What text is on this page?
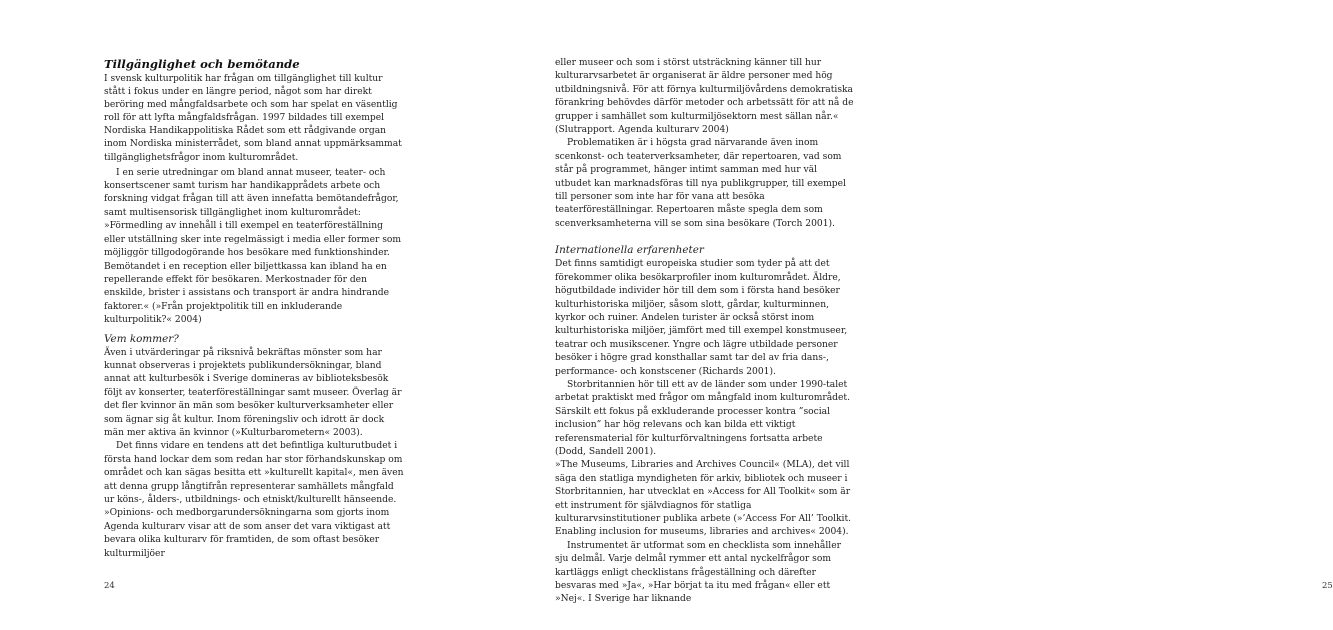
Tillgänglighet och bemötande

I svensk kulturpolitik har frågan om tillgänglighet till kultur stått i fokus under en längre period, något som har direkt beröring med mångfaldsarbete och som har spelat en väsentlig roll för att lyfta mångfaldsfrågan. 1997 bildades till exempel Nordiska Handikappolitiska Rådet som ett rådgivande organ inom Nordiska ministerrådet, som bland annat uppmärksammat tillgänglighetsfrågor inom kulturområdet.

I en serie utredningar om bland annat museer, teater- och konsertscener samt turism har handikapprådets arbete och forskning vidgat frågan till att även innefatta bemötandefrågor, samt multisensorisk tillgänglighet inom kulturområdet:

»Förmedling av innehåll i till exempel en teaterföreställning eller utställning sker inte regelmässigt i media eller former som möjliggör tillgodogörande hos besökare med funktionshinder. Bemötandet i en reception eller biljettkassa kan ibland ha en repellerande effekt för besökaren. Merkostnader för den enskilde, brister i assistans och transport är andra hindrande faktorer.« (»Från projektpolitik till en inkluderande kulturpolitik?« 2004)

Vem kommer?

Även i utvärderingar på riksnivå bekräftas mönster som har kunnat observeras i projektets publikundersökningar, bland annat att kulturbesök i Sverige domineras av biblioteksbesök följt av konserter, teaterföreställningar samt museer. Överlag är det fler kvinnor än män som besöker kulturverksamheter eller som ägnar sig åt kultur. Inom föreningsliv och idrott är dock män mer aktiva än kvinnor (»Kulturbarometern« 2003).

Det finns vidare en tendens att det befintliga kulturutbudet i första hand lockar dem som redan har stor förhandskunskap om området och kan sägas besitta ett »kulturellt kapital«, men även att denna grupp långtifrån representerar samhällets mångfald ur köns-, ålders-, utbildnings- och etniskt/kulturellt hänseende.

»Opinions- och medborgarundersökningarna som gjorts inom Agenda kulturarv visar att de som anser det vara viktigast att bevara olika kulturarv för framtiden, de som oftast besöker kulturmiljöer

24

eller museer och som i störst utsträckning känner till hur kulturarvsarbetet är organiserat är äldre personer med hög utbildningsnivå. För att förnya kulturmiljövårdens demokratiska förankring behövdes därför metoder och arbetssätt för att nå de grupper i samhället som kulturmiljösektorn mest sällan når.« (Slutrapport. Agenda kulturarv 2004)

Problematiken är i högsta grad närvarande även inom scenkonst- och teaterverksamheter, där repertoaren, vad som står på programmet, hänger intimt samman med hur väl utbudet kan marknadsföras till nya publikgrupper, till exempel till personer som inte har för vana att besöka teaterföreställningar. Repertoaren måste spegla dem som scenverksamheterna vill se som sina besökare (Torch 2001).

Internationella erfarenheter

Det finns samtidigt europeiska studier som tyder på att det förekommer olika besökarprofiler inom kulturområdet. Äldre, högutbildade individer hör till dem som i första hand besöker kulturhistoriska miljöer, såsom slott, gårdar, kulturminnen, kyrkor och ruiner. Andelen turister är också störst inom kulturhistoriska miljöer, jämfört med till exempel konstmuseer, teatrar och musikscener. Yngre och lägre utbildade personer besöker i högre grad konsthallar samt tar del av fria dans-, performance- och konstscener (Richards 2001).

Storbritannien hör till ett av de länder som under 1990-talet arbetat praktiskt med frågor om mångfald inom kulturområdet. Särskilt ett fokus på exkluderande processer kontra ”social inclusion” har hög relevans och kan bilda ett viktigt referensmaterial för kulturförvaltningens fortsatta arbete (Dodd, Sandell 2001).

»The Museums, Libraries and Archives Council« (MLA), det vill säga den statliga myndigheten för arkiv, bibliotek och museer i Storbritannien, har utvecklat en »Access for All Toolkit« som är ett instrument för självdiagnos för statliga kulturarvsinstitutioner publika arbete (»’Access For All’ Toolkit. Enabling inclusion for museums, libraries and archives« 2004).

Instrumentet är utformat som en checklista som innehåller sju delmål. Varje delmål rymmer ett antal nyckelfrågor som kartläggs enligt checklistans frågeställning och därefter besvaras med »Ja«, »Har börjat ta itu med frågan« eller ett »Nej«. I Sverige har liknande

25
